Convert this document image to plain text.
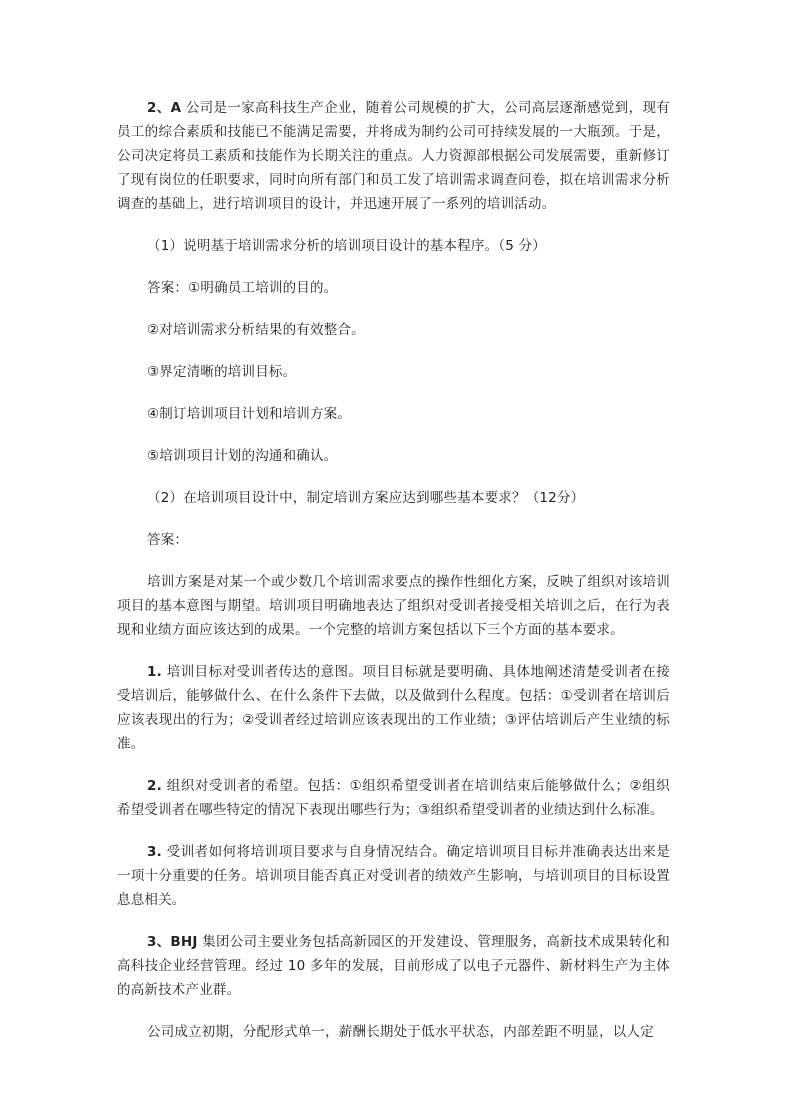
2、A 公司是一家高科技生产企业，随着公司规模的扩大，公司高层逐渐感觉到，现有员工的综合素质和技能已不能满足需要，并将成为制约公司可持续发展的一大瓶颈。于是，公司决定将员工素质和技能作为长期关注的重点。人力资源部根据公司发展需要，重新修订了现有岗位的任职要求，同时向所有部门和员工发了培训需求调查问卷，拟在培训需求分析调查的基础上，进行培训项目的设计，并迅速开展了一系列的培训活动。

（1）说明基于培训需求分析的培训项目设计的基本程序。（5 分）

答案：①明确员工培训的目的。

②对培训需求分析结果的有效整合。

③界定清晰的培训目标。

④制订培训项目计划和培训方案。

⑤培训项目计划的沟通和确认。

（2）在培训项目设计中，制定培训方案应达到哪些基本要求？（12分）

答案：

培训方案是对某一个或少数几个培训需求要点的操作性细化方案，反映了组织对该培训项目的基本意图与期望。培训项目明确地表达了组织对受训者接受相关培训之后，在行为表现和业绩方面应该达到的成果。一个完整的培训方案包括以下三个方面的基本要求。

1. 培训目标对受训者传达的意图。项目目标就是要明确、具体地阐述清楚受训者在接受培训后，能够做什么、在什么条件下去做，以及做到什么程度。包括：①受训者在培训后应该表现出的行为；②受训者经过培训应该表现出的工作业绩；③评估培训后产生业绩的标准。

2. 组织对受训者的希望。包括：①组织希望受训者在培训结束后能够做什么；②组织希望受训者在哪些特定的情况下表现出哪些行为；③组织希望受训者的业绩达到什么标准。

3. 受训者如何将培训项目要求与自身情况结合。确定培训项目目标并准确表达出来是一项十分重要的任务。培训项目能否真正对受训者的绩效产生影响，与培训项目的目标设置息息相关。

3、BHJ 集团公司主要业务包括高新园区的开发建设、管理服务，高新技术成果转化和高科技企业经营管理。经过 10 多年的发展，目前形成了以电子元器件、新材料生产为主体的高新技术产业群。

公司成立初期，分配形式单一，薪酬长期处于低水平状态，内部差距不明显，以人定
